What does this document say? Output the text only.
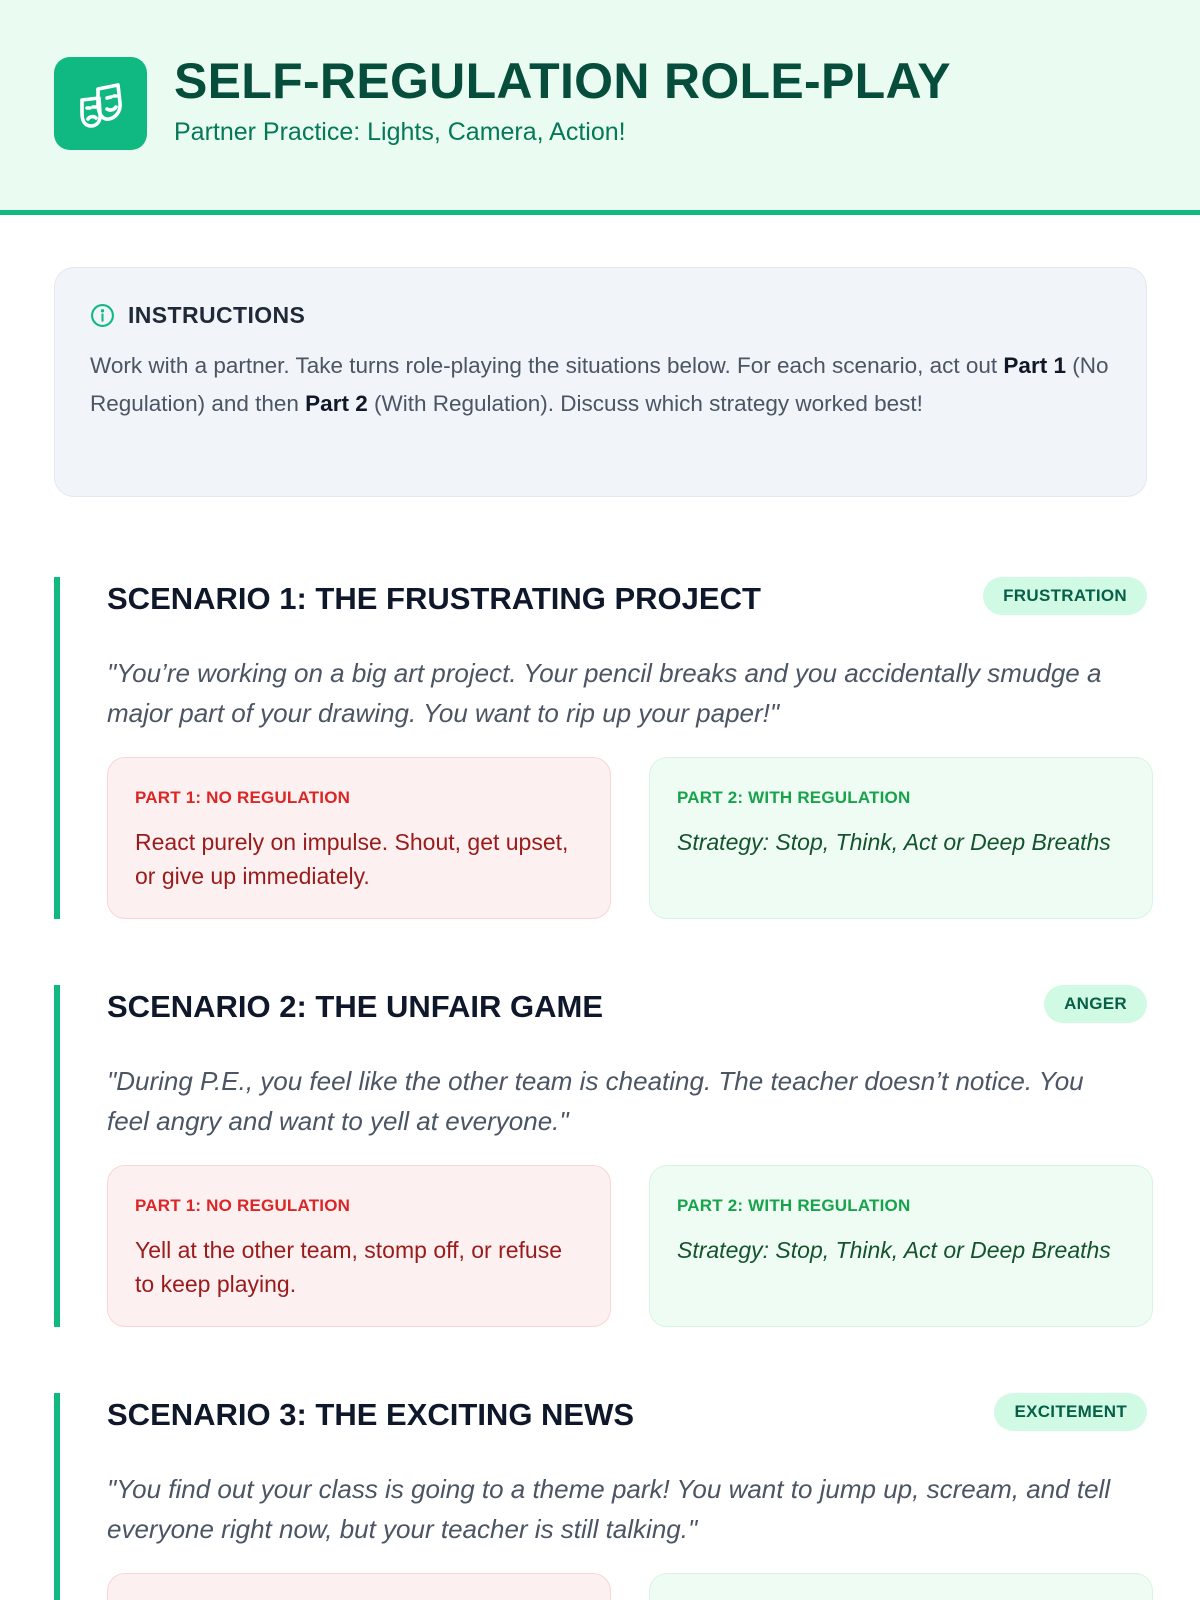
SELF-REGULATION ROLE-PLAY
Partner Practice: Lights, Camera, Action!
INSTRUCTIONS

Work with a partner. Take turns role-playing the situations below. For each scenario, act out Part 1 (No Regulation) and then Part 2 (With Regulation). Discuss which strategy worked best!

SCENARIO 1: THE FRUSTRATING PROJECT	FRUSTRATION
"You’re working on a big art project. Your pencil breaks and you accidentally smudge a major part of your drawing. You want to rip up your paper!"
PART 1: NO REGULATION
React purely on impulse. Shout, get upset, or give up immediately.
PART 2: WITH REGULATION
Strategy: Stop, Think, Act or Deep Breaths
SCENARIO 2: THE UNFAIR GAME	ANGER
"During P.E., you feel like the other team is cheating. The teacher doesn’t notice. You feel angry and want to yell at everyone."
PART 1: NO REGULATION
Yell at the other team, stomp off, or refuse to keep playing.
PART 2: WITH REGULATION
Strategy: Stop, Think, Act or Deep Breaths
SCENARIO 3: THE EXCITING NEWS	EXCITEMENT
"You find out your class is going to a theme park! You want to jump up, scream, and tell everyone right now, but your teacher is still talking."
